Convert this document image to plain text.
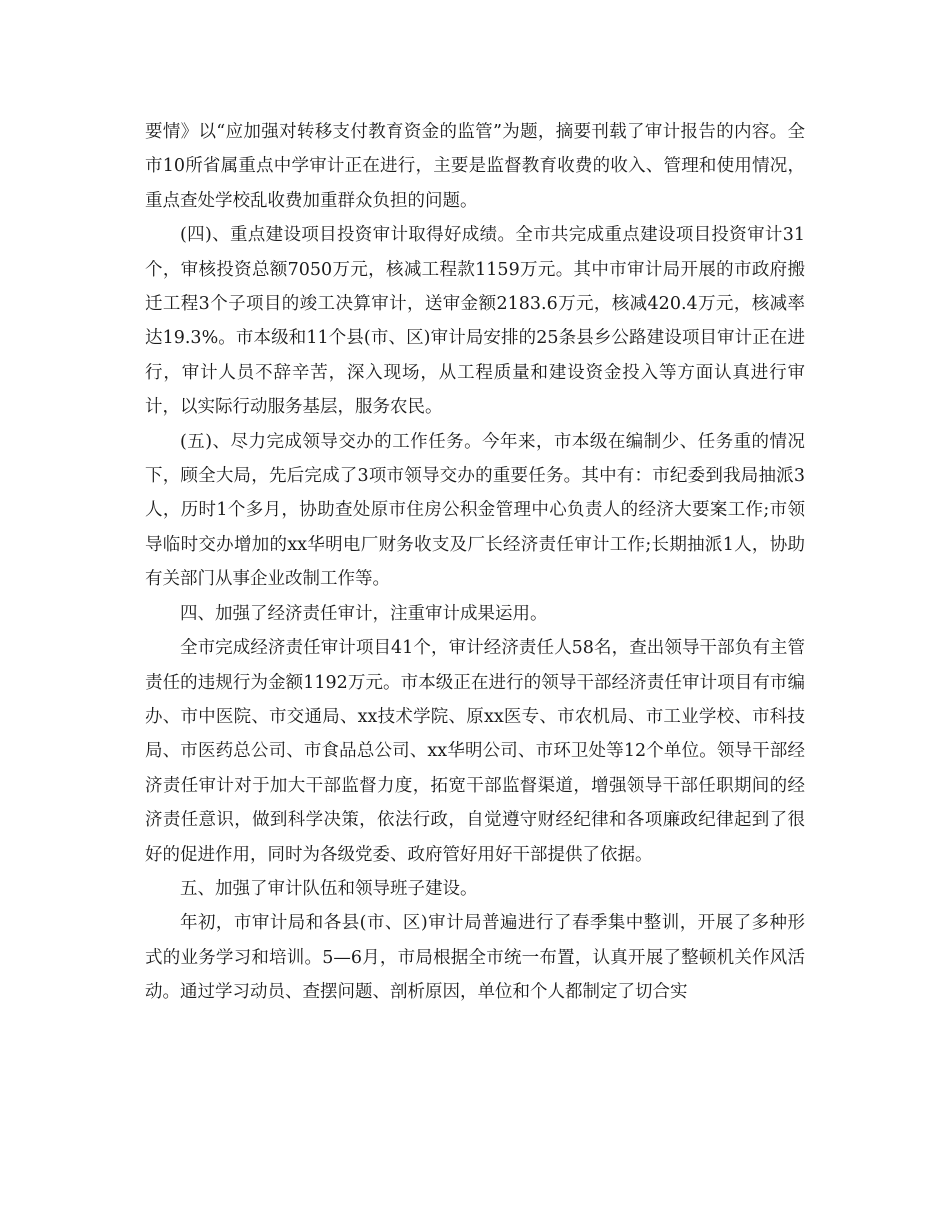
要情》以“应加强对转移支付教育资金的监管”为题，摘要刊载了审计报告的内容。全市10所省属重点中学审计正在进行，主要是监督教育收费的收入、管理和使用情况，重点查处学校乱收费加重群众负担的问题。

(四)、重点建设项目投资审计取得好成绩。全市共完成重点建设项目投资审计31个，审核投资总额7050万元，核减工程款1159万元。其中市审计局开展的市政府搬迁工程3个子项目的竣工决算审计，送审金额2183.6万元，核减420.4万元，核减率达19.3%。市本级和11个县(市、区)审计局安排的25条县乡公路建设项目审计正在进行，审计人员不辞辛苦，深入现场，从工程质量和建设资金投入等方面认真进行审计，以实际行动服务基层，服务农民。

(五)、尽力完成领导交办的工作任务。今年来，市本级在编制少、任务重的情况下，顾全大局，先后完成了3项市领导交办的重要任务。其中有：市纪委到我局抽派3人，历时1个多月，协助查处原市住房公积金管理中心负责人的经济大要案工作;市领导临时交办增加的xx华明电厂财务收支及厂长经济责任审计工作;长期抽派1人，协助有关部门从事企业改制工作等。

四、加强了经济责任审计，注重审计成果运用。

全市完成经济责任审计项目41个，审计经济责任人58名，查出领导干部负有主管责任的违规行为金额1192万元。市本级正在进行的领导干部经济责任审计项目有市编办、市中医院、市交通局、xx技术学院、原xx医专、市农机局、市工业学校、市科技局、市医药总公司、市食品总公司、xx华明公司、市环卫处等12个单位。领导干部经济责任审计对于加大干部监督力度，拓宽干部监督渠道，增强领导干部任职期间的经济责任意识，做到科学决策，依法行政，自觉遵守财经纪律和各项廉政纪律起到了很好的促进作用，同时为各级党委、政府管好用好干部提供了依据。

五、加强了审计队伍和领导班子建设。

年初，市审计局和各县(市、区)审计局普遍进行了春季集中整训，开展了多种形式的业务学习和培训。5—6月，市局根据全市统一布置，认真开展了整顿机关作风活动。通过学习动员、查摆问题、剖析原因，单位和个人都制定了切合实
